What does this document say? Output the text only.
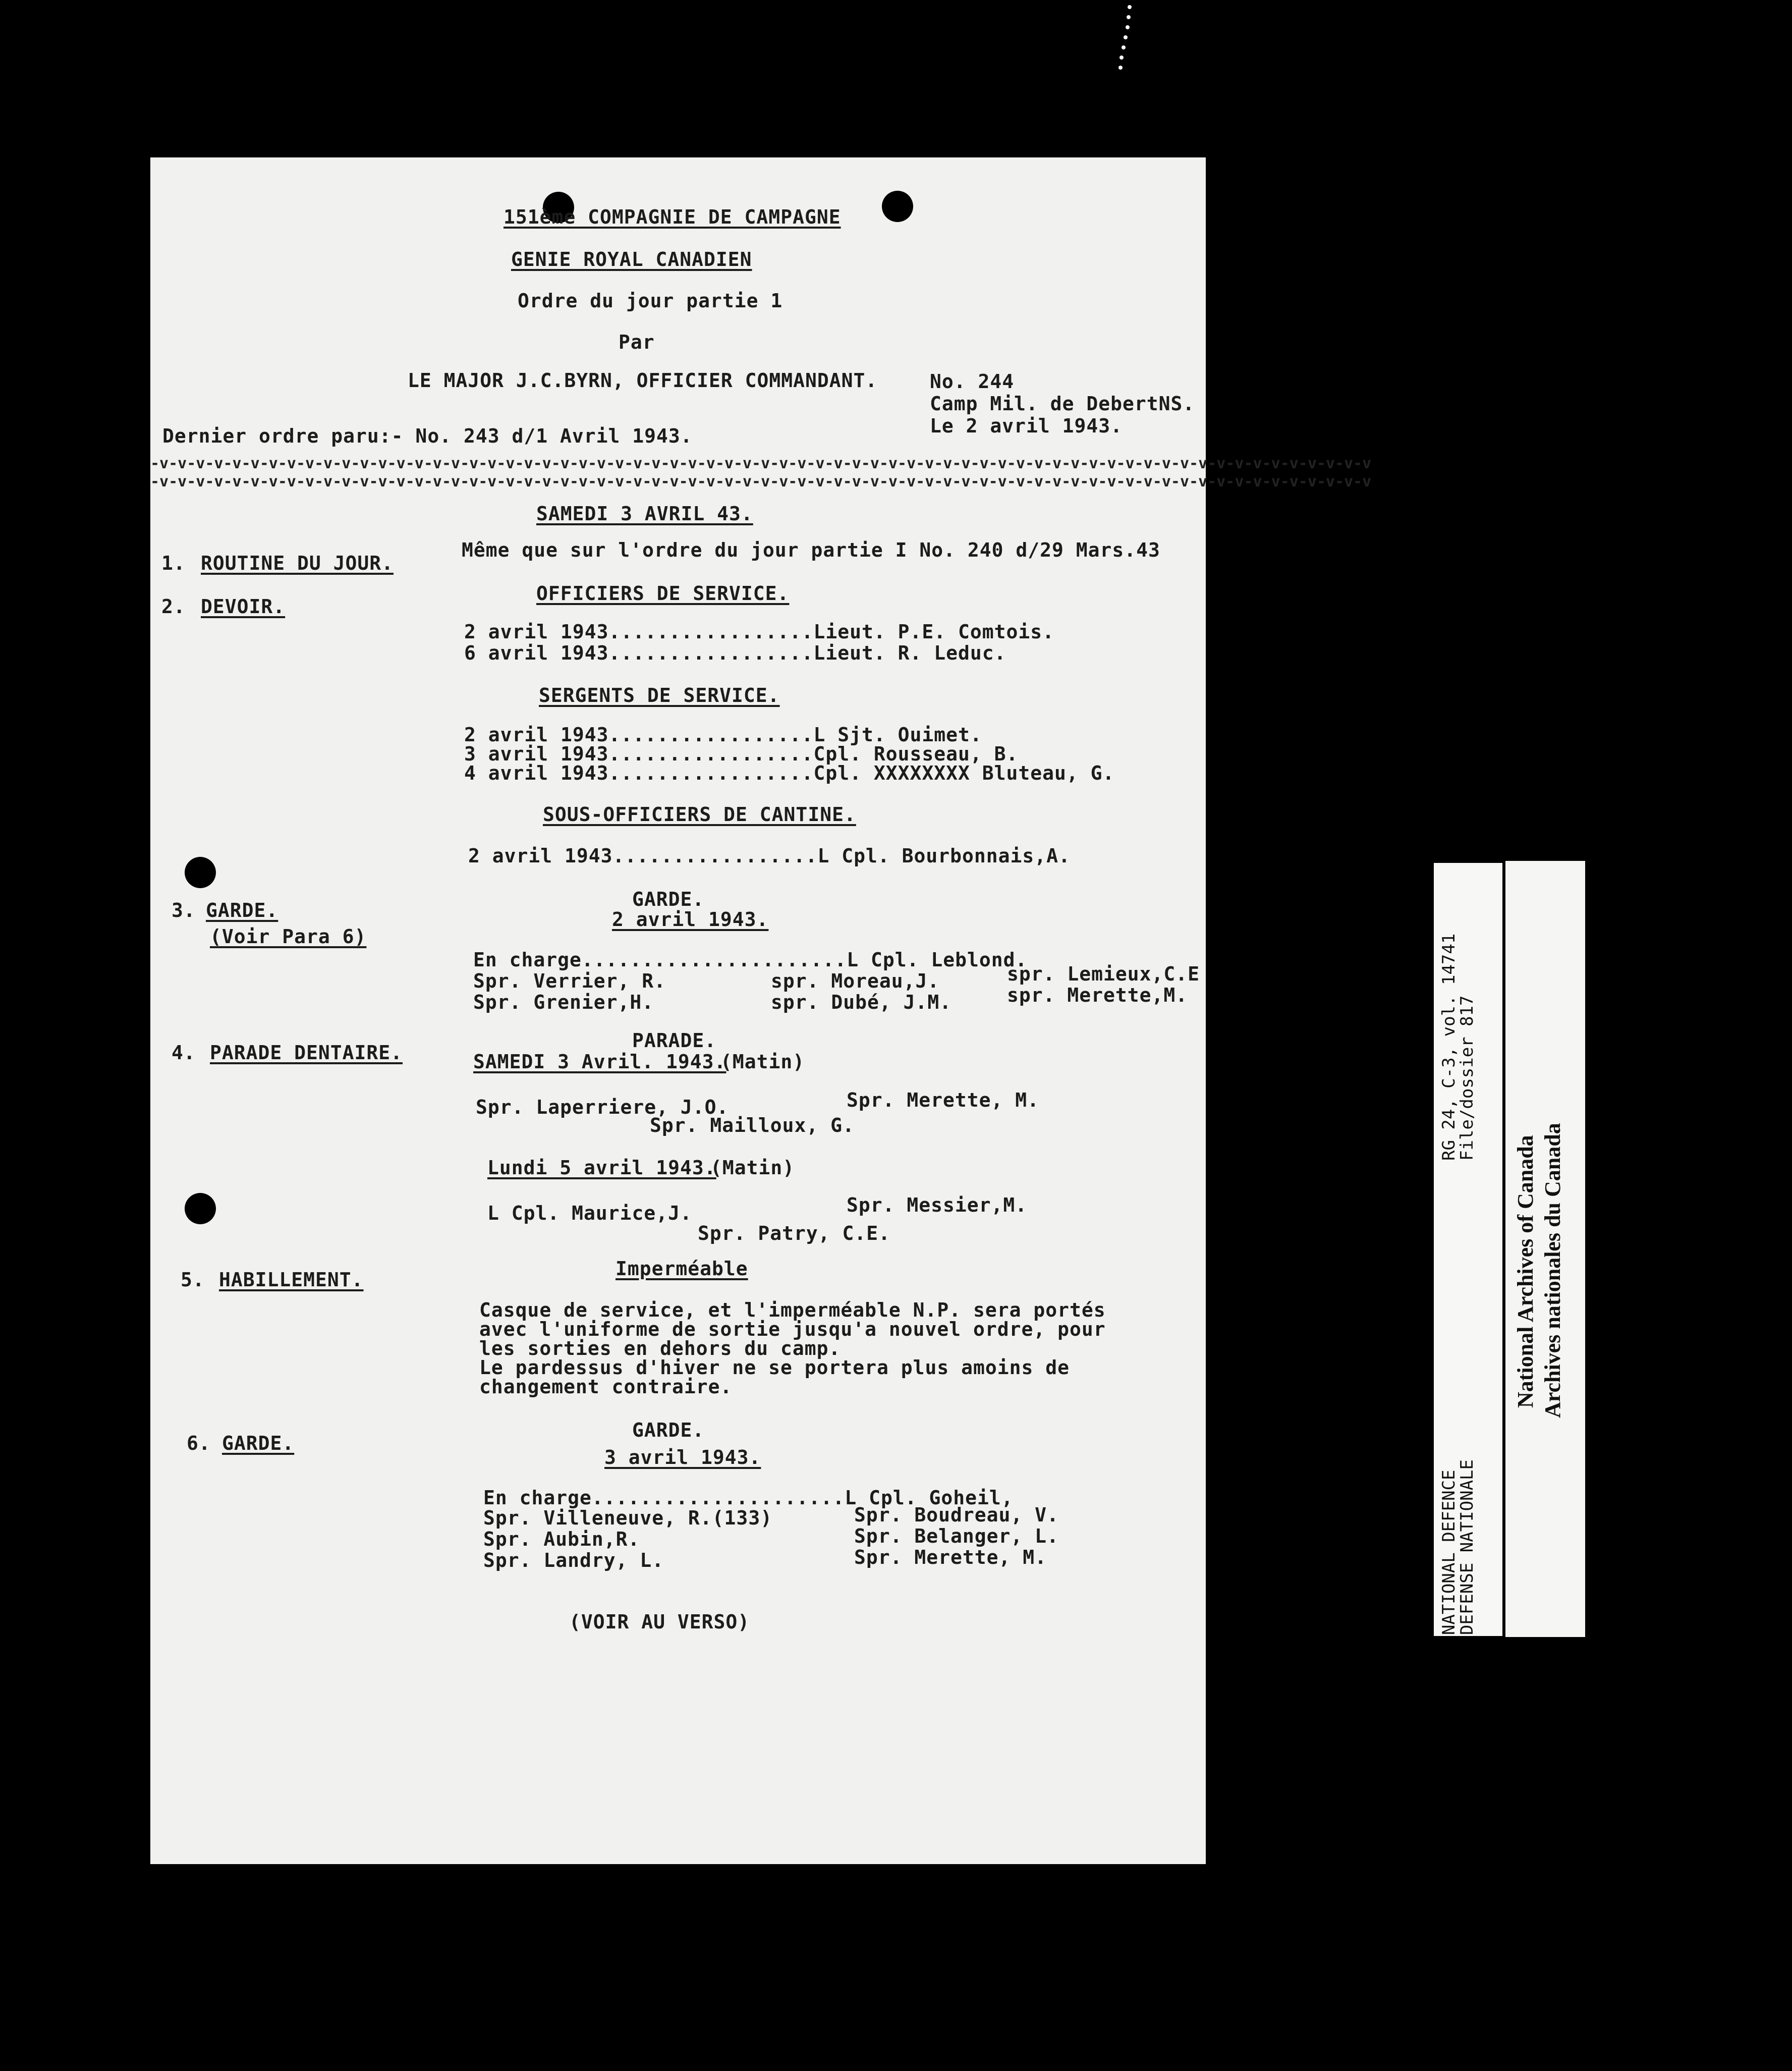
151ème COMPAGNIE DE CAMPAGNE
GENIE ROYAL CANADIEN
Ordre du jour partie 1
Par
LE MAJOR J.C.BYRN, OFFICIER COMMANDANT.	No. 244
Camp Mil. de DebertNS.
Le 2 avril 1943.
Dernier ordre paru:- No. 243 d/1 Avril 1943.
-v-v-v-v-v-v-v-v-v-v-v-v-v-v-v-v-v-v-v-v-v-v-v-v-v-v-v-v-v-v-v-v-v-v-v-v-v-v-v-v-v-v-v-v-v-v-v-v-v-v-v-v-v-v-v-v-v-v-v-v-v-v-v-v-v-v-v
-v-v-v-v-v-v-v-v-v-v-v-v-v-v-v-v-v-v-v-v-v-v-v-v-v-v-v-v-v-v-v-v-v-v-v-v-v-v-v-v-v-v-v-v-v-v-v-v-v-v-v-v-v-v-v-v-v-v-v-v-v-v-v-v-v-v-v
SAMEDI 3 AVRIL 43.
1. ROUTINE DU JOUR.
Même que sur l'ordre du jour partie I No. 240 d/29 Mars.43
2. DEVOIR.
OFFICIERS DE SERVICE.
2 avril 1943.................Lieut. P.E. Comtois.
6 avril 1943.................Lieut. R. Leduc.
SERGENTS DE SERVICE.
2 avril 1943.................L Sjt. Ouimet.
3 avril 1943.................Cpl. Rousseau, B.
4 avril 1943.................Cpl. XXXXXXXX Bluteau, G.
SOUS-OFFICIERS DE CANTINE.
2 avril 1943.................L Cpl. Bourbonnais,A.
3. GARDE.
(Voir Para 6)
GARDE.
2 avril 1943.
En charge......................L Cpl. Leblond.
Spr. Verrier, R.	spr. Moreau,J.	spr. Lemieux,C.E
Spr. Grenier,H.	spr. Dubé, J.M.	spr. Merette,M.
4. PARADE DENTAIRE.
PARADE.
SAMEDI 3 Avril. 1943.
(Matin)
Spr. Laperriere, J.O.	Spr. Merette, M.
Spr. Mailloux, G.
Lundi 5 avril 1943.
(Matin)
L Cpl. Maurice,J.	Spr. Messier,M.
Spr. Patry, C.E.
5. HABILLEMENT.	Imperméable
Casque de service, et l'imperméable N.P. sera portés
avec l'uniforme de sortie jusqu'a nouvel ordre, pour
les sorties en dehors du camp.
Le pardessus d'hiver ne se portera plus amoins de
changement contraire.
6. GARDE.
GARDE.
3 avril 1943.
En charge.....................L Cpl. Goheil,
Spr. Villeneuve, R.(133)	Spr. Boudreau, V.
Spr. Aubin,R.	Spr. Belanger, L.
Spr. Landry, L.	Spr. Merette, M.
(VOIR AU VERSO)	NATIONAL DEFENCE
DEFENSE NATIONALE
RG 24, C-3, vol. 14741
File/dossier 817
National Archives of Canada Archives nationales du Canada
